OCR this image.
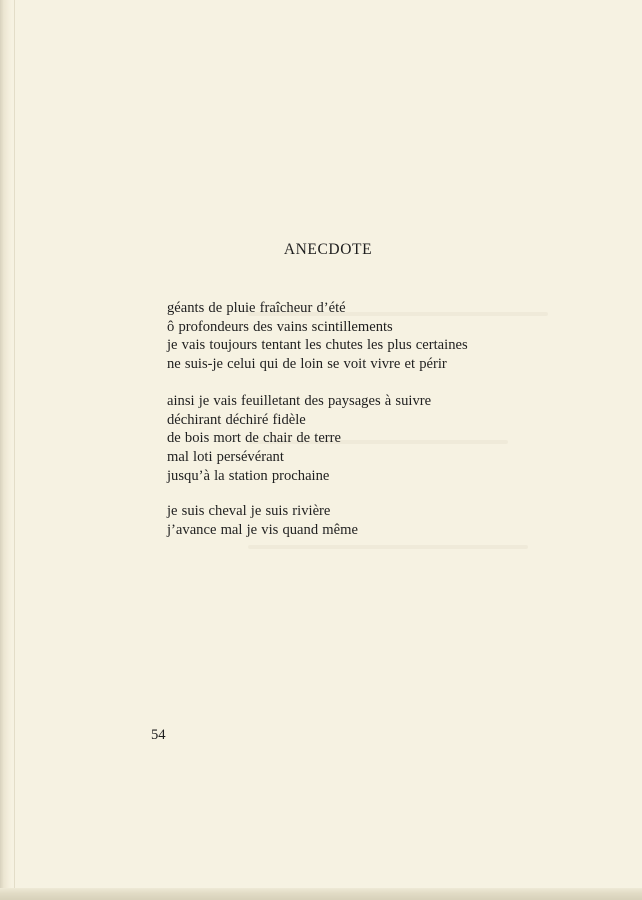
ANECDOTE
géants de pluie fraîcheur d’été
ô profondeurs des vains scintillements
je vais toujours tentant les chutes les plus certaines
ne suis-je celui qui de loin se voit vivre et périr
ainsi je vais feuilletant des paysages à suivre
déchirant déchiré fidèle
de bois mort de chair de terre
mal loti persévérant
jusqu’à la station prochaine
je suis cheval je suis rivière
j’avance mal je vis quand même
54
